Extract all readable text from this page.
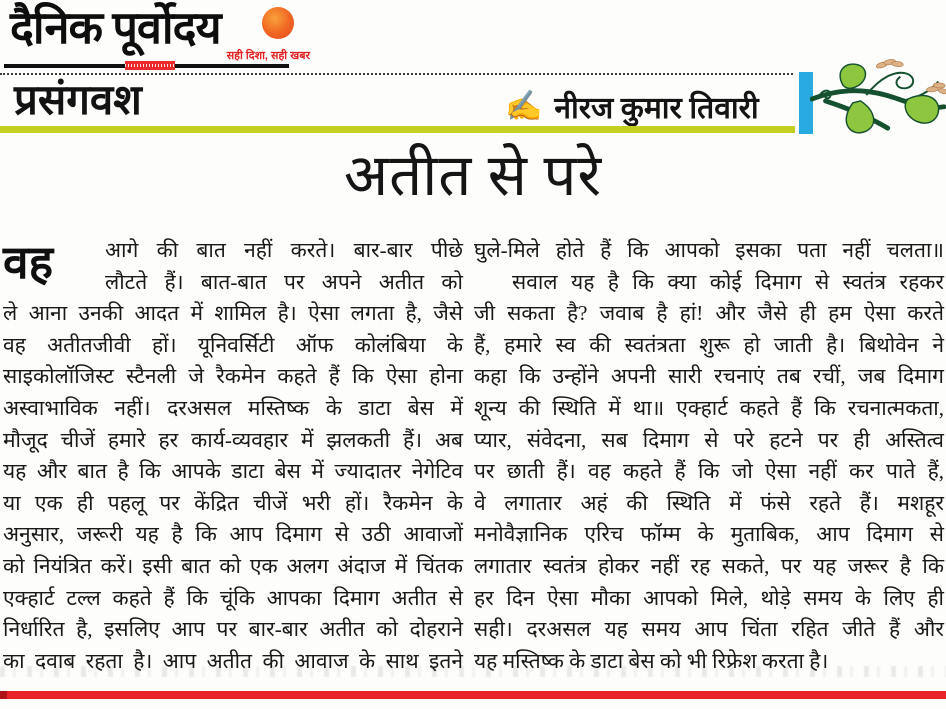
दैनिक पूर्वोदय
सही दिशा, सही खबर
प्रसंगवश	✍ नीरज कुमार तिवारी
अतीत से परे
वह	आगे की बात नहीं करते। बार-बार पीछे
लौटते हैं। बात-बात पर अपने अतीत को
ले आना उनकी आदत में शामिल है। ऐसा लगता है, जैसे
वह अतीतजीवी हों। यूनिवर्सिटी ऑफ कोलंबिया के
साइकोलॉजिस्ट स्टैनली जे रैकमेन कहते हैं कि ऐसा होना
अस्वाभाविक नहीं। दरअसल मस्तिष्क के डाटा बेस में
मौजूद चीजें हमारे हर कार्य-व्यवहार में झलकती हैं। अब
यह और बात है कि आपके डाटा बेस में ज्यादातर नेगेटिव
या एक ही पहलू पर केंद्रित चीजें भरी हों। रैकमेन के
अनुसार, जरूरी यह है कि आप दिमाग से उठी आवाजों
को नियंत्रित करें। इसी बात को एक अलग अंदाज में चिंतक
एक्हार्ट टल्ल कहते हैं कि चूंकि आपका दिमाग अतीत से
निर्धारित है, इसलिए आप पर बार-बार अतीत को दोहराने
का दवाब रहता है। आप अतीत की आवाज के साथ इतने
घुले-मिले होते हैं कि आपको इसका पता नहीं चलता॥
सवाल यह है कि क्या कोई दिमाग से स्वतंत्र रहकर
जी सकता है? जवाब है हां! और जैसे ही हम ऐसा करते
हैं, हमारे स्व की स्वतंत्रता शुरू हो जाती है। बिथोवेन ने
कहा कि उन्होंने अपनी सारी रचनाएं तब रचीं, जब दिमाग
शून्य की स्थिति में था॥ एक्हार्ट कहते हैं कि रचनात्मकता,
प्यार, संवेदना, सब दिमाग से परे हटने पर ही अस्तित्व
पर छाती हैं। वह कहते हैं कि जो ऐसा नहीं कर पाते हैं,
वे लगातार अहं की स्थिति में फंसे रहते हैं। मशहूर
मनोवैज्ञानिक एरिच फॉम्म के मुताबिक, आप दिमाग से
लगातार स्वतंत्र होकर नहीं रह सकते, पर यह जरूर है कि
हर दिन ऐसा मौका आपको मिले, थोड़े समय के लिए ही
सही। दरअसल यह समय आप चिंता रहित जीते हैं और
यह मस्तिष्क के डाटा बेस को भी रिफ्रेश करता है।
